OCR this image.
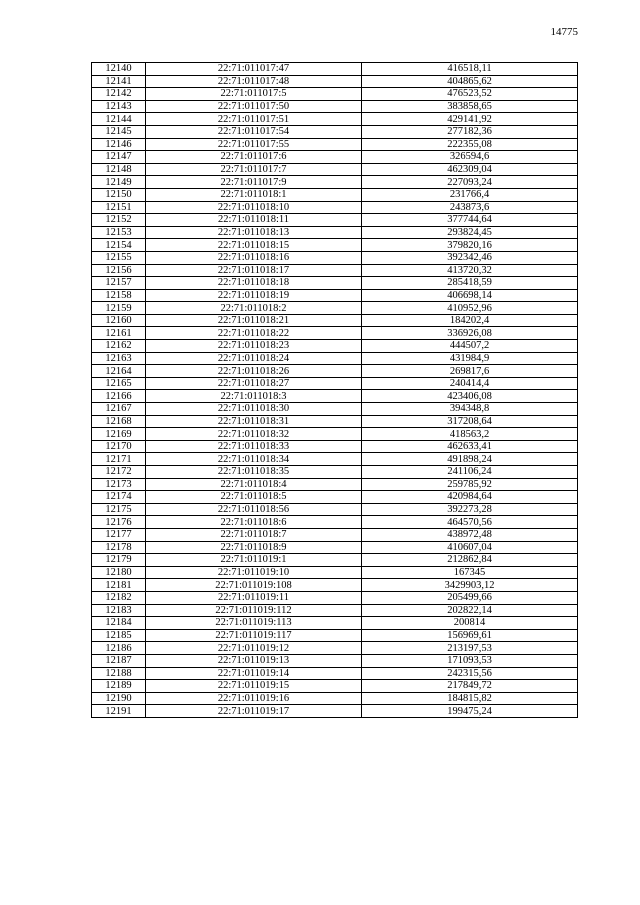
14775
12140	22:71:011017:47	416518,11
12141	22:71:011017:48	404865,62
12142	22:71:011017:5	476523,52
12143	22:71:011017:50	383858,65
12144	22:71:011017:51	429141,92
12145	22:71:011017:54	277182,36
12146	22:71:011017:55	222355,08
12147	22:71:011017:6	326594,6
12148	22:71:011017:7	462309,04
12149	22:71:011017:9	227093,24
12150	22:71:011018:1	231766,4
12151	22:71:011018:10	243873,6
12152	22:71:011018:11	377744,64
12153	22:71:011018:13	293824,45
12154	22:71:011018:15	379820,16
12155	22:71:011018:16	392342,46
12156	22:71:011018:17	413720,32
12157	22:71:011018:18	285418,59
12158	22:71:011018:19	406698,14
12159	22:71:011018:2	410952,96
12160	22:71:011018:21	184202,4
12161	22:71:011018:22	336926,08
12162	22:71:011018:23	444507,2
12163	22:71:011018:24	431984,9
12164	22:71:011018:26	269817,6
12165	22:71:011018:27	240414,4
12166	22:71:011018:3	423406,08
12167	22:71:011018:30	394348,8
12168	22:71:011018:31	317208,64
12169	22:71:011018:32	418563,2
12170	22:71:011018:33	462633,41
12171	22:71:011018:34	491898,24
12172	22:71:011018:35	241106,24
12173	22:71:011018:4	259785,92
12174	22:71:011018:5	420984,64
12175	22:71:011018:56	392273,28
12176	22:71:011018:6	464570,56
12177	22:71:011018:7	438972,48
12178	22:71:011018:9	410607,04
12179	22:71:011019:1	212862,84
12180	22:71:011019:10	167345
12181	22:71:011019:108	3429903,12
12182	22:71:011019:11	205499,66
12183	22:71:011019:112	202822,14
12184	22:71:011019:113	200814
12185	22:71:011019:117	156969,61
12186	22:71:011019:12	213197,53
12187	22:71:011019:13	171093,53
12188	22:71:011019:14	242315,56
12189	22:71:011019:15	217849,72
12190	22:71:011019:16	184815,82
12191	22:71:011019:17	199475,24
